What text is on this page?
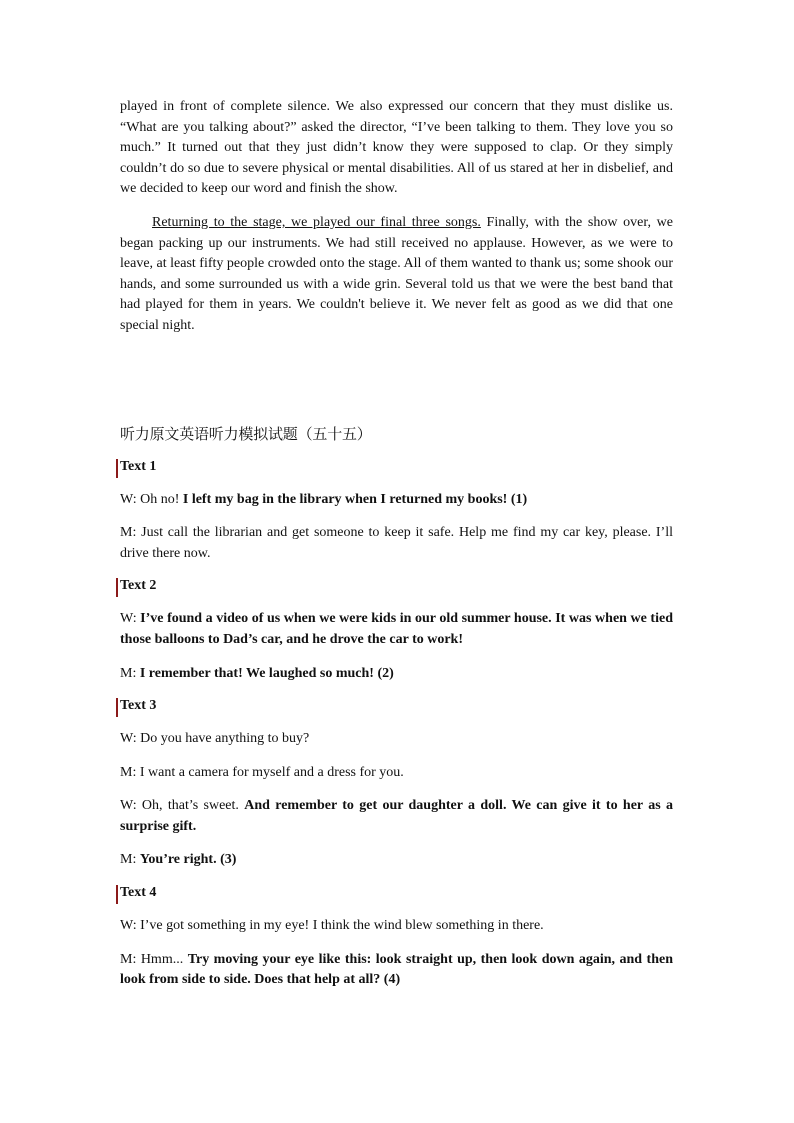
played in front of complete silence. We also expressed our concern that they must dislike us. “What are you talking about?” asked the director, “I’ve been talking to them. They love you so much.” It turned out that they just didn’t know they were supposed to clap. Or they simply couldn’t do so due to severe physical or mental disabilities. All of us stared at her in disbelief, and we decided to keep our word and finish the show.

Returning to the stage, we played our final three songs. Finally, with the show over, we began packing up our instruments. We had still received no applause. However, as we were to leave, at least fifty people crowded onto the stage. All of them wanted to thank us; some shook our hands, and some surrounded us with a wide grin. Several told us that we were the best band that had played for them in years. We couldn't believe it. We never felt as good as we did that one special night.

听力原文英语听力模拟试题（五十五）
Text 1

W: Oh no! I left my bag in the library when I returned my books! (1)

M: Just call the librarian and get someone to keep it safe. Help me find my car key, please. I’ll drive there now.

Text 2

W: I’ve found a video of us when we were kids in our old summer house. It was when we tied those balloons to Dad’s car, and he drove the car to work!

M: I remember that! We laughed so much! (2)

Text 3

W: Do you have anything to buy?

M: I want a camera for myself and a dress for you.

W: Oh, that’s sweet. And remember to get our daughter a doll. We can give it to her as a surprise gift.

M: You’re right. (3)

Text 4

W: I’ve got something in my eye! I think the wind blew something in there.

M: Hmm... Try moving your eye like this: look straight up, then look down again, and then look from side to side. Does that help at all? (4)
